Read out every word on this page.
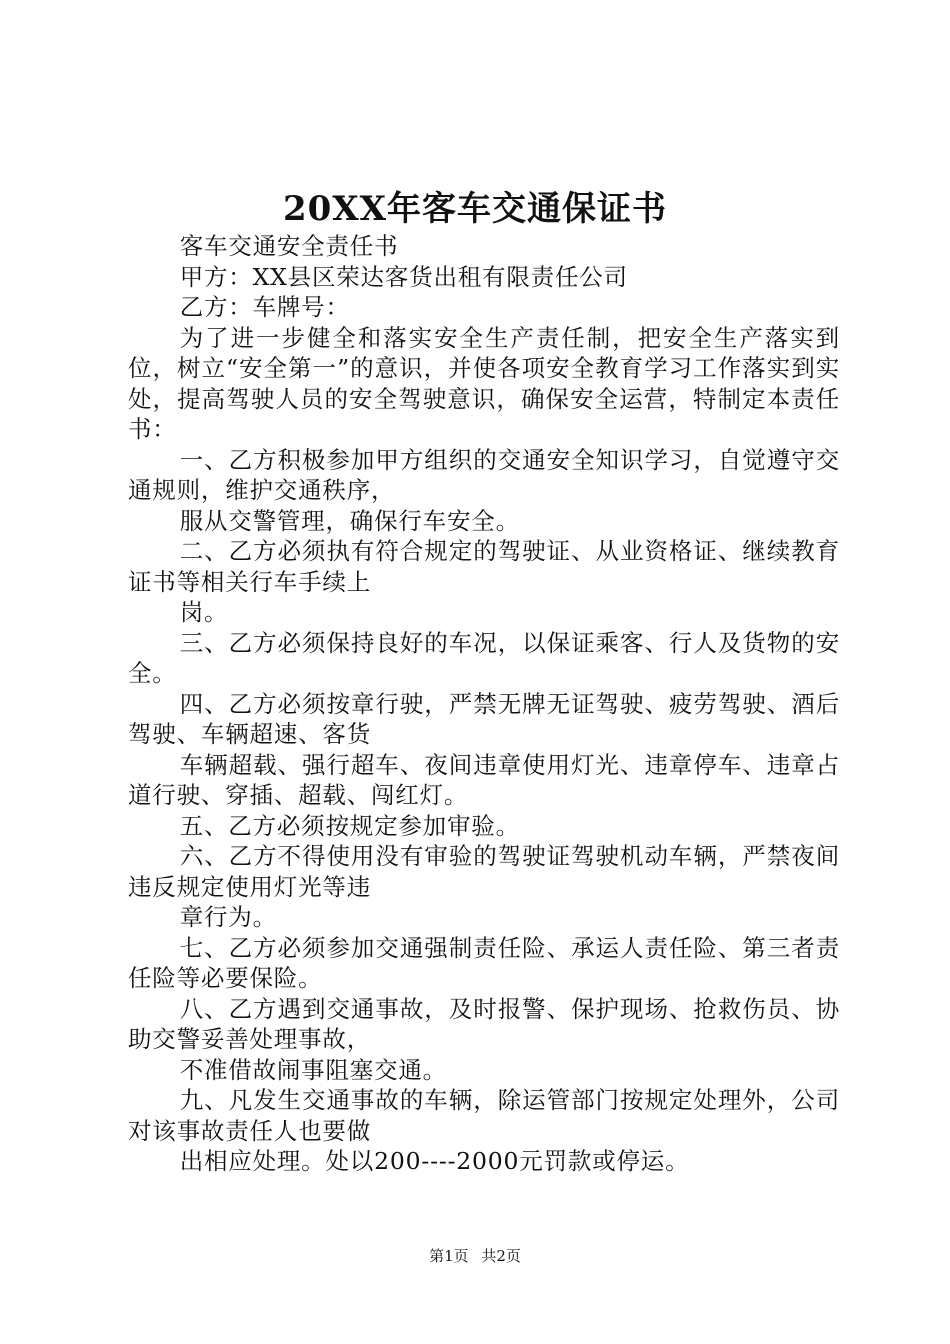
20XX年客车交通保证书

客车交通安全责任书

甲方：XX县区荣达客货出租有限责任公司

乙方：车牌号：

为了进一步健全和落实安全生产责任制，把安全生产落实到位，树立“安全第一”的意识，并使各项安全教育学习工作落实到实处，提高驾驶人员的安全驾驶意识，确保安全运营，特制定本责任书：

一、乙方积极参加甲方组织的交通安全知识学习，自觉遵守交通规则，维护交通秩序，

服从交警管理，确保行车安全。

二、乙方必须执有符合规定的驾驶证、从业资格证、继续教育证书等相关行车手续上

岗。

三、乙方必须保持良好的车况，以保证乘客、行人及货物的安全。

四、乙方必须按章行驶，严禁无牌无证驾驶、疲劳驾驶、酒后驾驶、车辆超速、客货

车辆超载、强行超车、夜间违章使用灯光、违章停车、违章占道行驶、穿插、超载、闯红灯。

五、乙方必须按规定参加审验。

六、乙方不得使用没有审验的驾驶证驾驶机动车辆，严禁夜间违反规定使用灯光等违

章行为。

七、乙方必须参加交通强制责任险、承运人责任险、第三者责任险等必要保险。

八、乙方遇到交通事故，及时报警、保护现场、抢救伤员、协助交警妥善处理事故，

不准借故闹事阻塞交通。

九、凡发生交通事故的车辆，除运管部门按规定处理外，公司对该事故责任人也要做

出相应处理。处以200----2000元罚款或停运。

第1页 共2页
